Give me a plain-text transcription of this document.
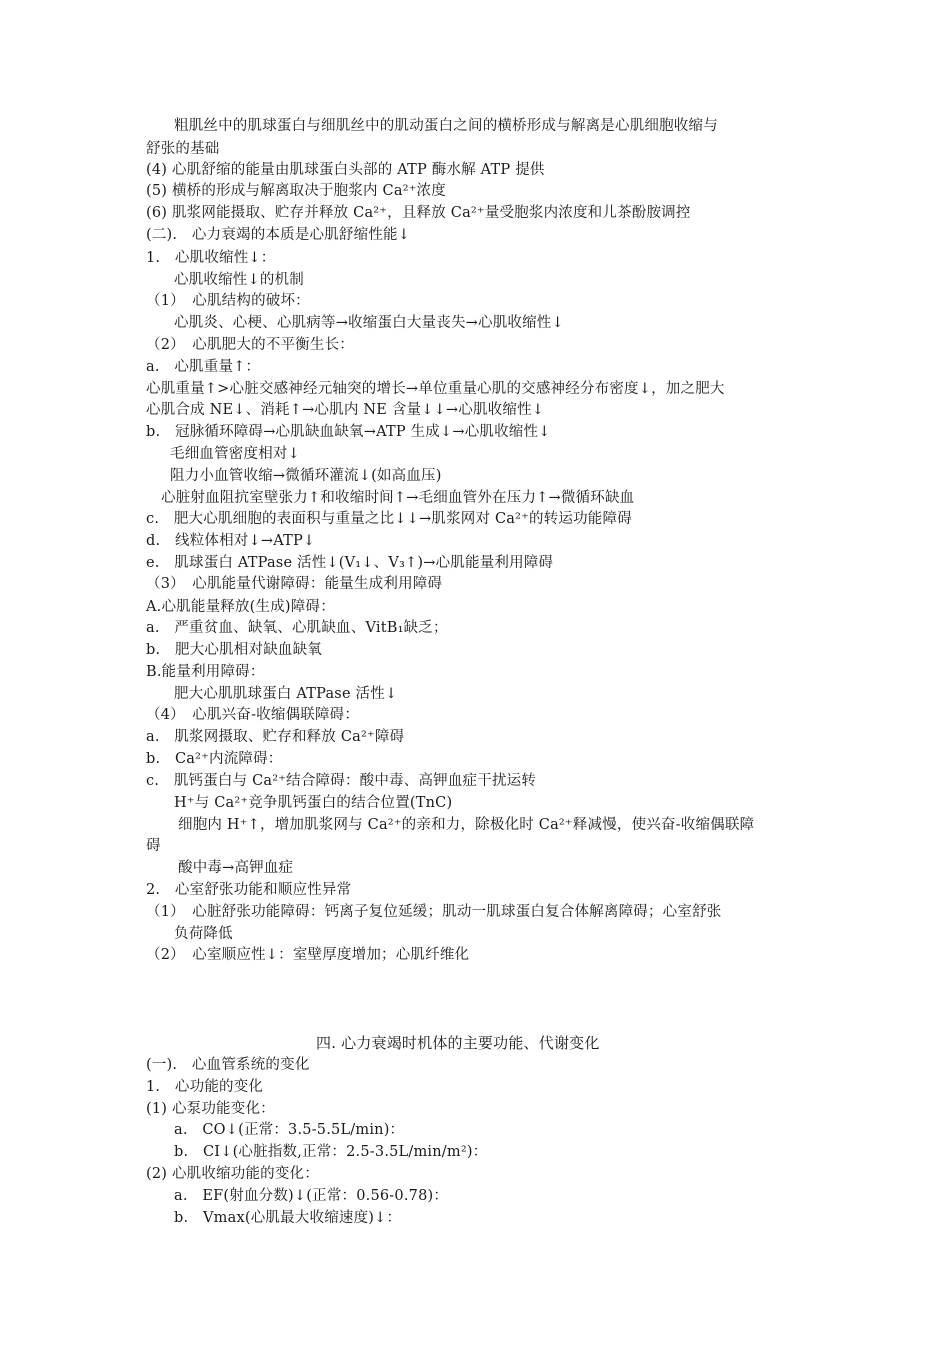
粗肌丝中的肌球蛋白与细肌丝中的肌动蛋白之间的横桥形成与解离是心肌细胞收缩与
舒张的基础
(4) 心肌舒缩的能量由肌球蛋白头部的 ATP 酶水解 ATP 提供
(5) 横桥的形成与解离取决于胞浆内 Ca²⁺浓度
(6) 肌浆网能摄取、贮存并释放 Ca²⁺，且释放 Ca²⁺量受胞浆内浓度和儿茶酚胺调控
(二).　心力衰竭的本质是心肌舒缩性能↓
1.　心肌收缩性↓：
心肌收缩性↓的机制
（1）　心肌结构的破坏：
心肌炎、心梗、心肌病等→收缩蛋白大量丧失→心肌收缩性↓
（2）　心肌肥大的不平衡生长：
a.　心肌重量↑：
心肌重量↑>心脏交感神经元轴突的增长→单位重量心肌的交感神经分布密度↓，加之肥大
心肌合成 NE↓、消耗↑→心肌内 NE 含量↓↓→心肌收缩性↓
b.　冠脉循环障碍→心肌缺血缺氧→ATP 生成↓→心肌收缩性↓
毛细血管密度相对↓
阻力小血管收缩→微循环灌流↓(如高血压)
心脏射血阻抗室壁张力↑和收缩时间↑→毛细血管外在压力↑→微循环缺血
c.　肥大心肌细胞的表面积与重量之比↓↓→肌浆网对 Ca²⁺的转运功能障碍
d.　线粒体相对↓→ATP↓
e.　肌球蛋白 ATPase 活性↓(V₁↓、V₃↑)→心肌能量利用障碍
（3）　心肌能量代谢障碍：能量生成利用障碍
A.心肌能量释放(生成)障碍：
a.　严重贫血、缺氧、心肌缺血、VitB₁缺乏；
b.　肥大心肌相对缺血缺氧
B.能量利用障碍：
肥大心肌肌球蛋白 ATPase 活性↓
（4）　心肌兴奋-收缩偶联障碍：
a.　肌浆网摄取、贮存和释放 Ca²⁺障碍
b.　Ca²⁺内流障碍：
c.　肌钙蛋白与 Ca²⁺结合障碍：酸中毒、高钾血症干扰运转
H⁺与 Ca²⁺竞争肌钙蛋白的结合位置(TnC)
细胞内 H⁺↑，增加肌浆网与 Ca²⁺的亲和力，除极化时 Ca²⁺释减慢，使兴奋-收缩偶联障
碍
酸中毒→高钾血症
2.　心室舒张功能和顺应性异常
（1）　心脏舒张功能障碍：钙离子复位延缓；肌动一肌球蛋白复合体解离障碍；心室舒张
负荷降低
（2）　心室顺应性↓：室壁厚度增加；心肌纤维化
四. 心力衰竭时机体的主要功能、代谢变化
(一).　心血管系统的变化
1.　心功能的变化
(1) 心泵功能变化：
a.　CO↓(正常：3.5-5.5L/min)：
b.　CI↓(心脏指数,正常：2.5-3.5L/min/m²)：
(2) 心肌收缩功能的变化：
a.　EF(射血分数)↓(正常：0.56-0.78)：
b.　Vmax(心肌最大收缩速度)↓：
